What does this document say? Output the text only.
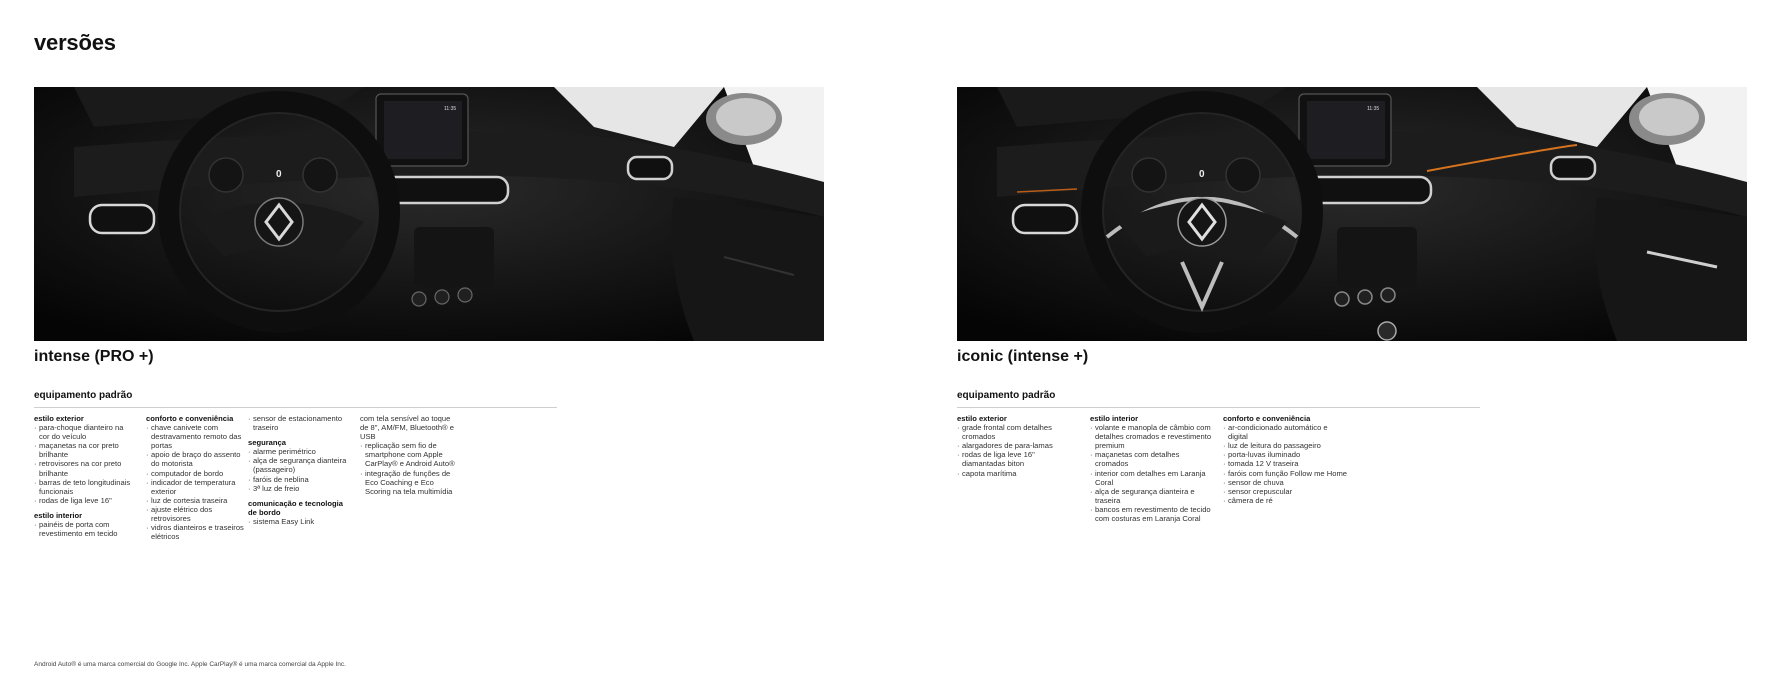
versões
11:35
0
intense (PRO +)
equipamento padrão
estilo exterior
· para-choque dianteiro na cor do veículo
· maçanetas na cor preto brilhante
· retrovisores na cor preto brilhante
· barras de teto longitudinais funcionais
· rodas de liga leve 16"
estilo interior
· painéis de porta com revestimento em tecido
conforto e conveniência
· chave canivete com destravamento remoto das portas
· apoio de braço do assento do motorista
· computador de bordo
· indicador de temperatura exterior
· luz de cortesia traseira
· ajuste elétrico dos retrovisores
· vidros dianteiros e traseiros elétricos
· sensor de estacionamento traseiro
segurança
· alarme perimétrico
· alça de segurança dianteira (passageiro)
· faróis de neblina
· 3ª luz de freio
comunicação e tecnologia de bordo
· sistema Easy Link
com tela sensível ao toque de 8", AM/FM, Bluetooth® e USB
· replicação sem fio de smartphone com Apple CarPlay® e Android Auto®
· integração de funções de Eco Coaching e Eco Scoring na tela multimídia
11:35
0
iconic (intense +)
equipamento padrão
estilo exterior
· grade frontal com detalhes cromados
· alargadores de para-lamas
· rodas de liga leve 16" diamantadas biton
· capota marítima
estilo interior
· volante e manopla de câmbio com detalhes cromados e revestimento premium
· maçanetas com detalhes cromados
· interior com detalhes em Laranja Coral
· alça de segurança dianteira e traseira
· bancos em revestimento de tecido com costuras em Laranja Coral
conforto e conveniência
· ar-condicionado automático e digital
· luz de leitura do passageiro
· porta-luvas iluminado
· tomada 12 V traseira
· faróis com função Follow me Home
· sensor de chuva
· sensor crepuscular
· câmera de ré
Android Auto® é uma marca comercial do Google Inc. Apple CarPlay® é uma marca comercial da Apple Inc.
